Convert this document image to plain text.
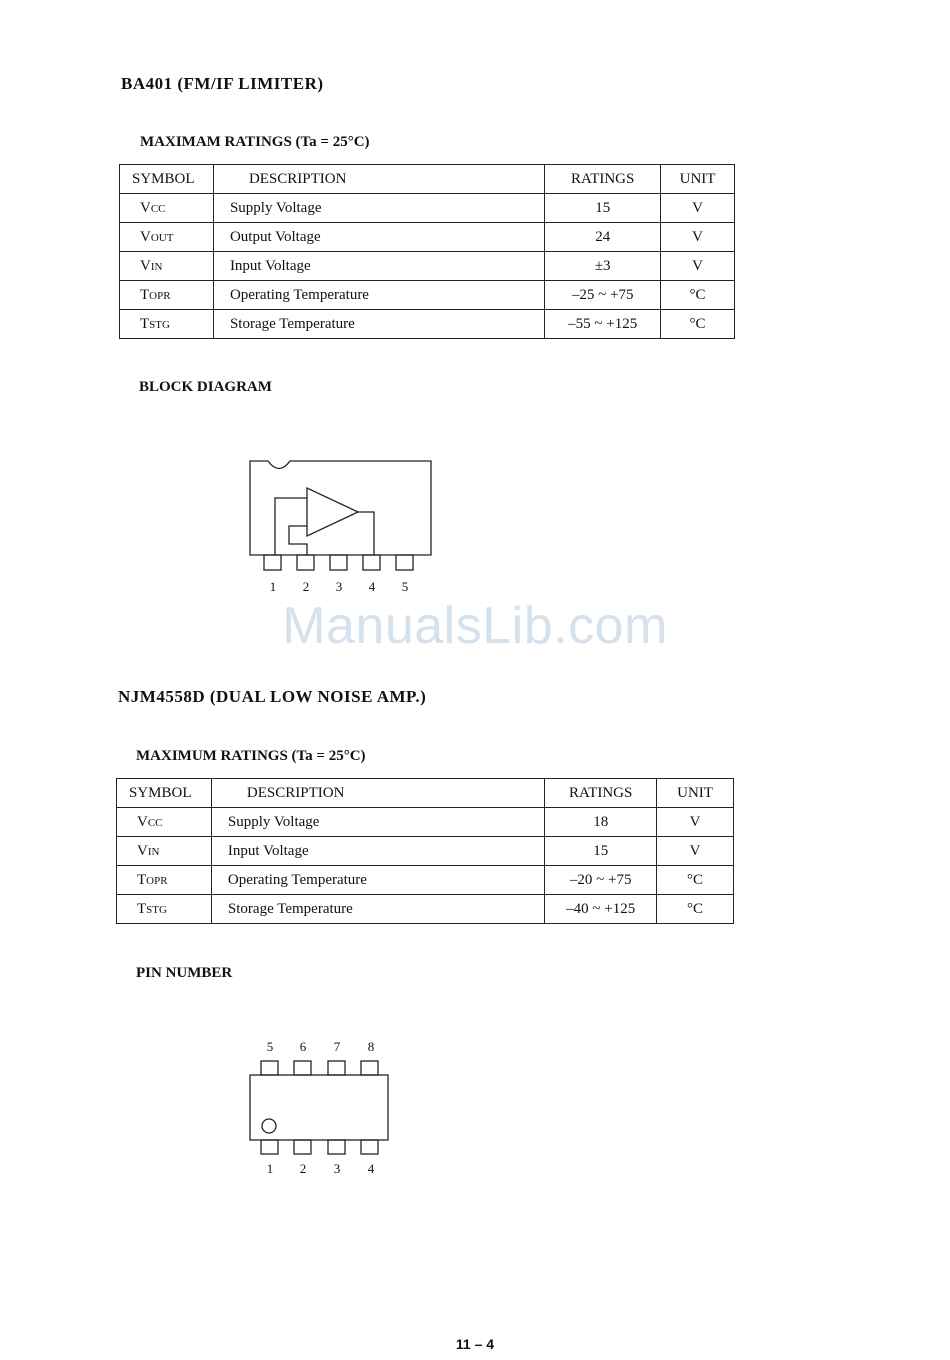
BA401 (FM/IF LIMITER)
MAXIMAM RATINGS (Ta = 25°C)
SYMBOL	DESCRIPTION	RATINGS	UNIT
VCC	Supply Voltage	15	V
VOUT	Output Voltage	24	V
VIN	Input Voltage	±3	V
TOPR	Operating Temperature	–25 ~ +75	°C
TSTG	Storage Temperature	–55 ~ +125	°C
BLOCK DIAGRAM
1 2 3 4 5
ManualsLib.com
NJM4558D (DUAL LOW NOISE AMP.)
MAXIMUM RATINGS (Ta = 25°C)
SYMBOL	DESCRIPTION	RATINGS	UNIT
VCC	Supply Voltage	18	V
VIN	Input Voltage	15	V
TOPR	Operating Temperature	–20 ~ +75	°C
TSTG	Storage Temperature	–40 ~ +125	°C
PIN NUMBER
5 6 7 8
1 2 3 4
11 – 4
